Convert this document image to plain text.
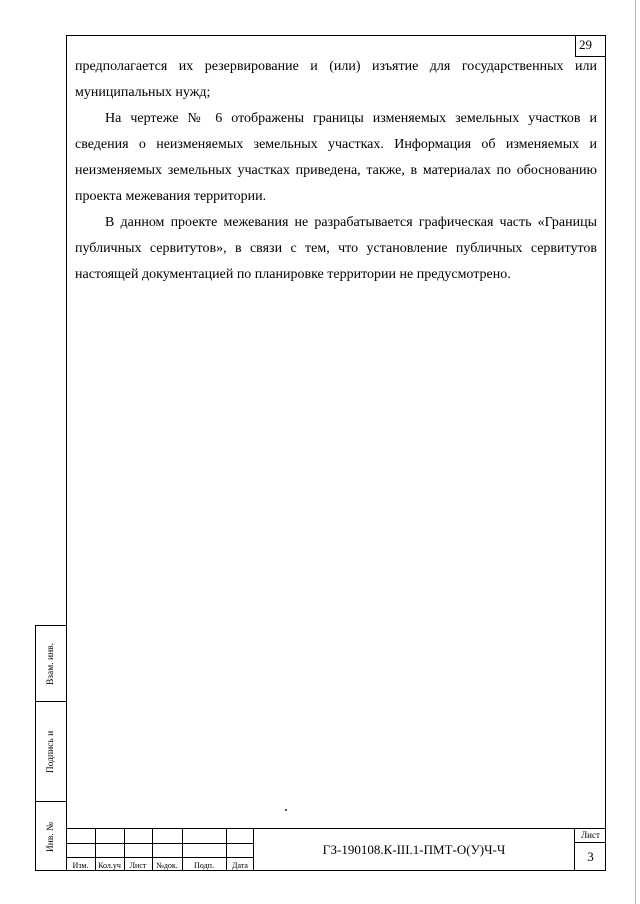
29

предполагается их резервирование и (или) изъятие для государственных или муниципальных нужд;

На чертеже № 6 отображены границы изменяемых земельных участков и сведения о неизменяемых земельных участках. Информация об изменяемых и неизменяемых земельных участках приведена, также, в материалах по обоснованию проекта межевания территории.

В данном проекте межевания не разрабатывается графическая часть «Границы публичных сервитутов», в связи с тем, что установление публичных сервитутов настоящей документацией по планировке территории не предусмотрено.

Взам. инв.
Подпись и
Инв. №
Изм.	Кол.уч	Лист	№док.	Подп.	Дата
ГЗ-190108.К-III.1-ПМТ-О(У)Ч-Ч
Лист
3
